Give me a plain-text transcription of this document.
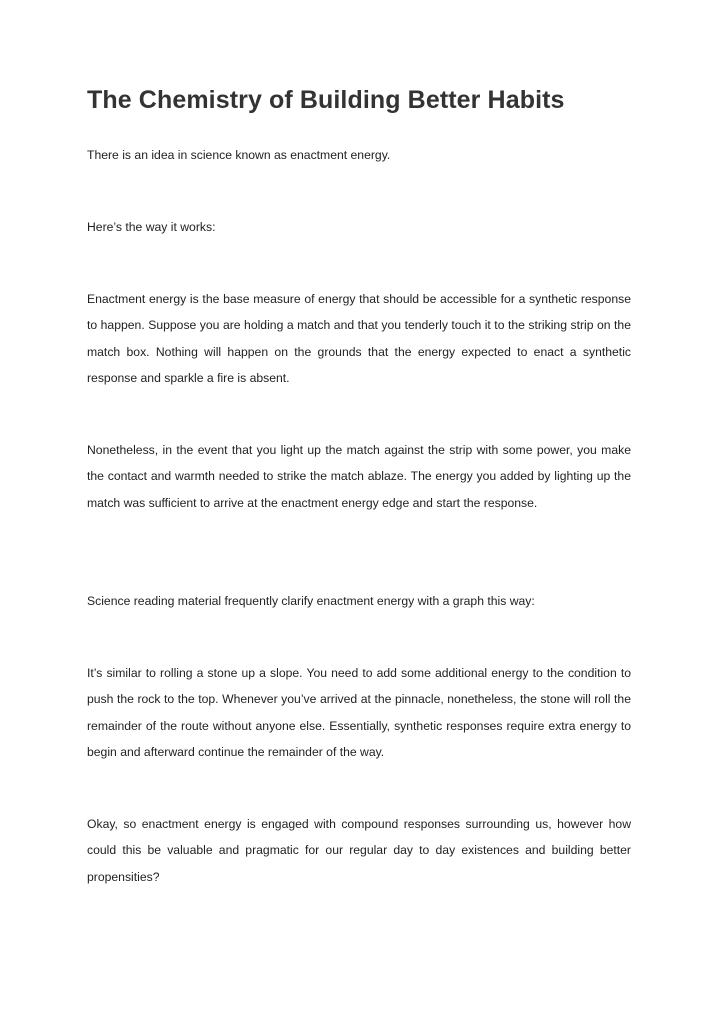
The Chemistry of Building Better Habits

There is an idea in science known as enactment energy.

Here’s the way it works:

Enactment energy is the base measure of energy that should be accessible for a synthetic response to happen. Suppose you are holding a match and that you tenderly touch it to the striking strip on the match box. Nothing will happen on the grounds that the energy expected to enact a synthetic response and sparkle a fire is absent.

Nonetheless, in the event that you light up the match against the strip with some power, you make the contact and warmth needed to strike the match ablaze. The energy you added by lighting up the match was sufficient to arrive at the enactment energy edge and start the response.

Science reading material frequently clarify enactment energy with a graph this way:

It’s similar to rolling a stone up a slope. You need to add some additional energy to the condition to push the rock to the top. Whenever you’ve arrived at the pinnacle, nonetheless, the stone will roll the remainder of the route without anyone else. Essentially, synthetic responses require extra energy to begin and afterward continue the remainder of the way.

Okay, so enactment energy is engaged with compound responses surrounding us, however how could this be valuable and pragmatic for our regular day to day existences and building better propensities?
